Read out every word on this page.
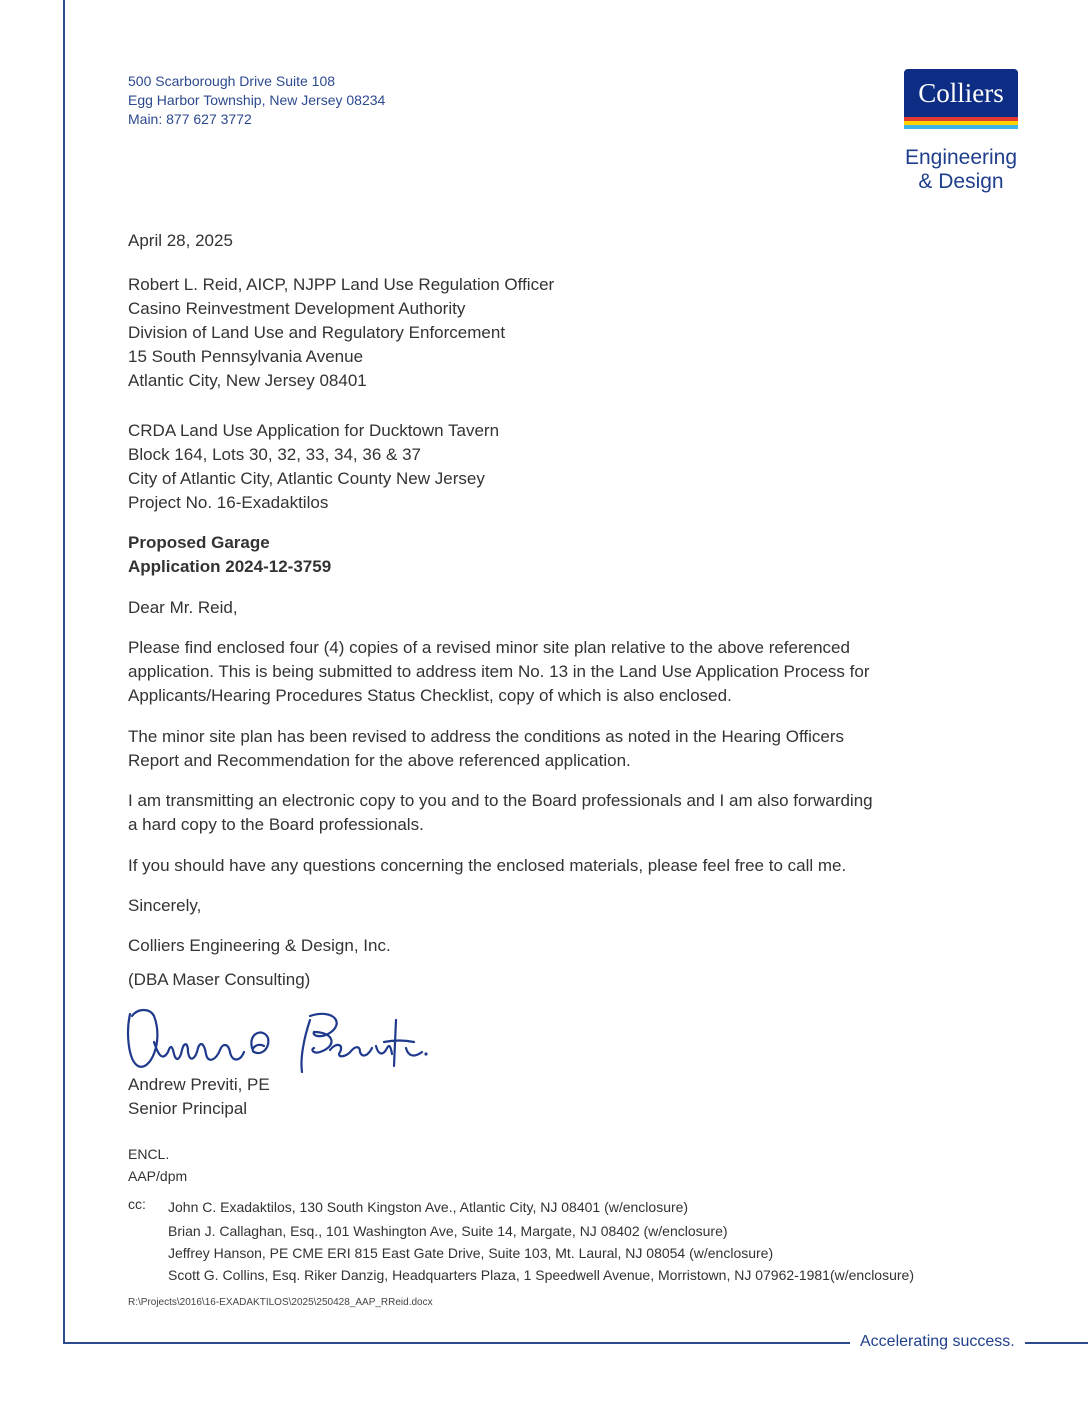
Accelerating success.
500 Scarborough Drive Suite 108
Egg Harbor Township, New Jersey 08234
Main: 877 627 3772
Colliers
Engineering
& Design
April 28, 2025
Robert L. Reid, AICP, NJPP Land Use Regulation Officer
Casino Reinvestment Development Authority
Division of Land Use and Regulatory Enforcement
15 South Pennsylvania Avenue
Atlantic City, New Jersey 08401
CRDA Land Use Application for Ducktown Tavern
Block 164, Lots 30, 32, 33, 34, 36 & 37
City of Atlantic City, Atlantic County New Jersey
Project No. 16-Exadaktilos
Proposed Garage
Application 2024-12-3759
Dear Mr. Reid,
Please find enclosed four (4) copies of a revised minor site plan relative to the above referenced
application. This is being submitted to address item No. 13 in the Land Use Application Process for
Applicants/Hearing Procedures Status Checklist, copy of which is also enclosed.
The minor site plan has been revised to address the conditions as noted in the Hearing Officers
Report and Recommendation for the above referenced application.
I am transmitting an electronic copy to you and to the Board professionals and I am also forwarding
a hard copy to the Board professionals.
If you should have any questions concerning the enclosed materials, please feel free to call me.
Sincerely,
Colliers Engineering & Design, Inc.
(DBA Maser Consulting)
Andrew Previti, PE
Senior Principal
ENCL.
AAP/dpm
cc: John C. Exadaktilos, 130 South Kingston Ave., Atlantic City, NJ 08401 (w/enclosure)
Brian J. Callaghan, Esq., 101 Washington Ave, Suite 14, Margate, NJ 08402 (w/enclosure)
Jeffrey Hanson, PE CME ERI 815 East Gate Drive, Suite 103, Mt. Laural, NJ 08054 (w/enclosure)
Scott G. Collins, Esq. Riker Danzig, Headquarters Plaza, 1 Speedwell Avenue, Morristown, NJ 07962-1981(w/enclosure)
R:\Projects\2016\16-EXADAKTILOS\2025\250428_AAP_RReid.docx
